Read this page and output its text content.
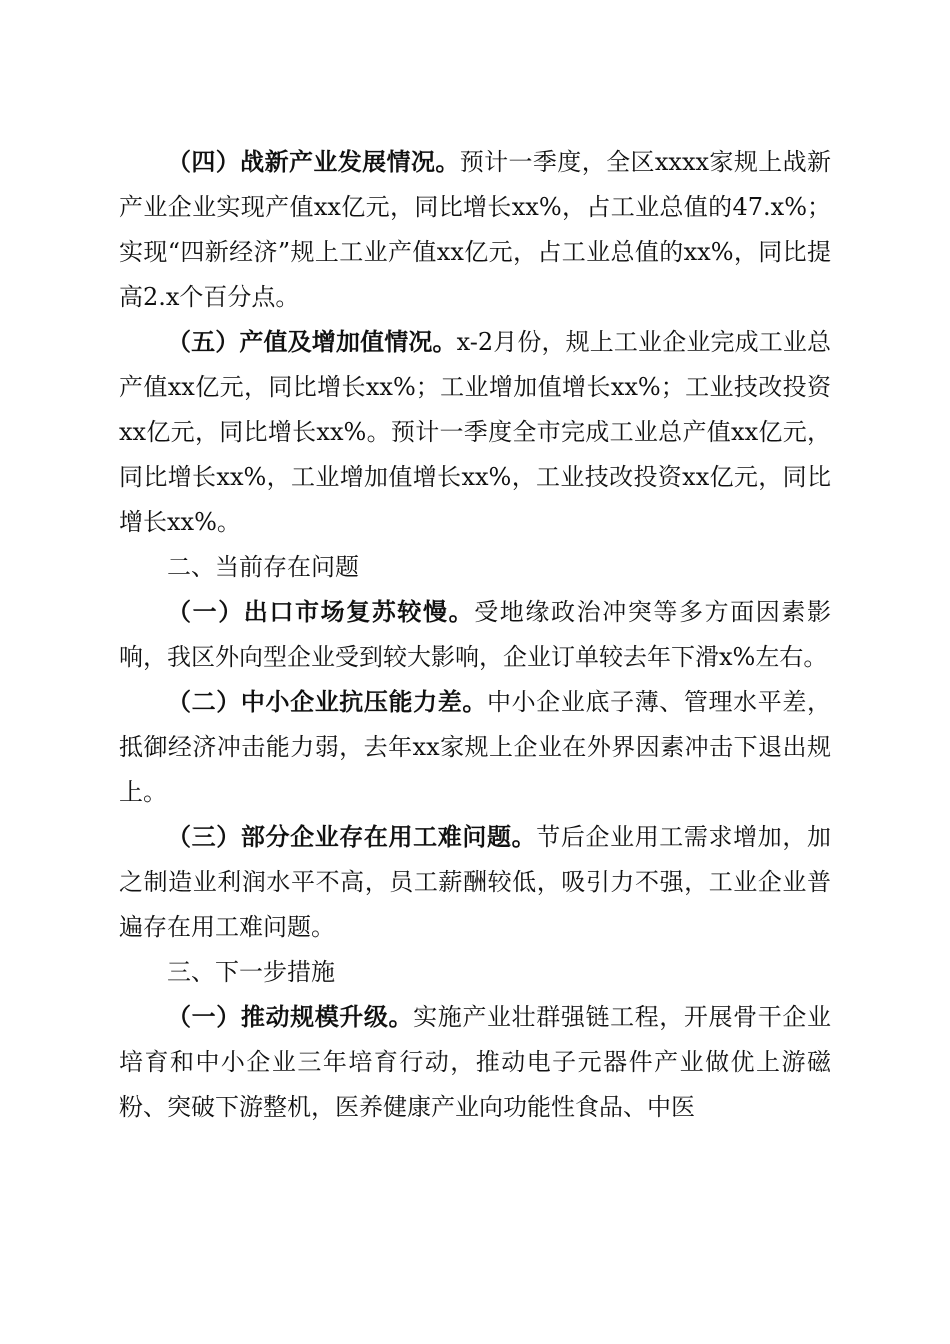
（四）战新产业发展情况。预计一季度，全区xxxx家规上战新产业企业实现产值xx亿元，同比增长xx%，占工业总值的47.x%；实现“四新经济”规上工业产值xx亿元，占工业总值的xx%，同比提高2.x个百分点。

（五）产值及增加值情况。x-2月份，规上工业企业完成工业总产值xx亿元，同比增长xx%；工业增加值增长xx%；工业技改投资xx亿元，同比增长xx%。预计一季度全市完成工业总产值xx亿元，同比增长xx%，工业增加值增长xx%，工业技改投资xx亿元，同比增长xx%。

二、当前存在问题

（一）出口市场复苏较慢。受地缘政治冲突等多方面因素影响，我区外向型企业受到较大影响，企业订单较去年下滑x%左右。

（二）中小企业抗压能力差。中小企业底子薄、管理水平差，抵御经济冲击能力弱，去年xx家规上企业在外界因素冲击下退出规上。

（三）部分企业存在用工难问题。节后企业用工需求增加，加之制造业利润水平不高，员工薪酬较低，吸引力不强，工业企业普遍存在用工难问题。

三、下一步措施

（一）推动规模升级。实施产业壮群强链工程，开展骨干企业培育和中小企业三年培育行动，推动电子元器件产业做优上游磁粉、突破下游整机，医养健康产业向功能性食品、中医
